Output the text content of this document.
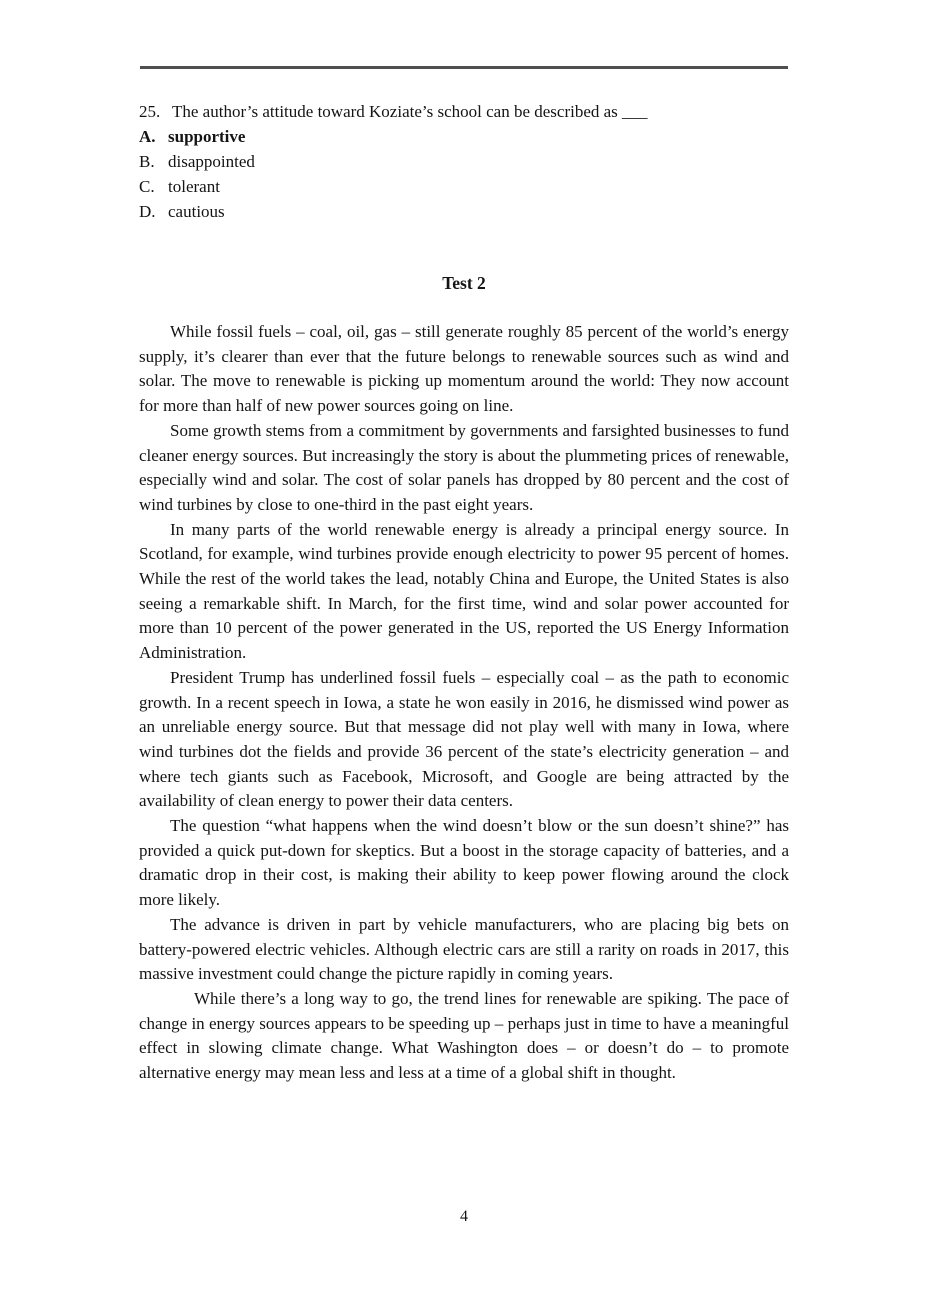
25. The author’s attitude toward Koziate’s school can be described as ___
A. supportive
B. disappointed
C. tolerant
D. cautious
Test 2

While fossil fuels – coal, oil, gas – still generate roughly 85 percent of the world’s energy supply, it’s clearer than ever that the future belongs to renewable sources such as wind and solar. The move to renewable is picking up momentum around the world: They now account for more than half of new power sources going on line.

Some growth stems from a commitment by governments and farsighted businesses to fund cleaner energy sources. But increasingly the story is about the plummeting prices of renewable, especially wind and solar. The cost of solar panels has dropped by 80 percent and the cost of wind turbines by close to one-third in the past eight years.

In many parts of the world renewable energy is already a principal energy source. In Scotland, for example, wind turbines provide enough electricity to power 95 percent of homes. While the rest of the world takes the lead, notably China and Europe, the United States is also seeing a remarkable shift. In March, for the first time, wind and solar power accounted for more than 10 percent of the power generated in the US, reported the US Energy Information Administration.

President Trump has underlined fossil fuels – especially coal – as the path to economic growth. In a recent speech in Iowa, a state he won easily in 2016, he dismissed wind power as an unreliable energy source. But that message did not play well with many in Iowa, where wind turbines dot the fields and provide 36 percent of the state’s electricity generation – and where tech giants such as Facebook, Microsoft, and Google are being attracted by the availability of clean energy to power their data centers.

The question “what happens when the wind doesn’t blow or the sun doesn’t shine?” has provided a quick put-down for skeptics. But a boost in the storage capacity of batteries, and a dramatic drop in their cost, is making their ability to keep power flowing around the clock more likely.

The advance is driven in part by vehicle manufacturers, who are placing big bets on battery-powered electric vehicles. Although electric cars are still a rarity on roads in 2017, this massive investment could change the picture rapidly in coming years.

While there’s a long way to go, the trend lines for renewable are spiking. The pace of change in energy sources appears to be speeding up – perhaps just in time to have a meaningful effect in slowing climate change. What Washington does – or doesn’t do – to promote alternative energy may mean less and less at a time of a global shift in thought.

4
